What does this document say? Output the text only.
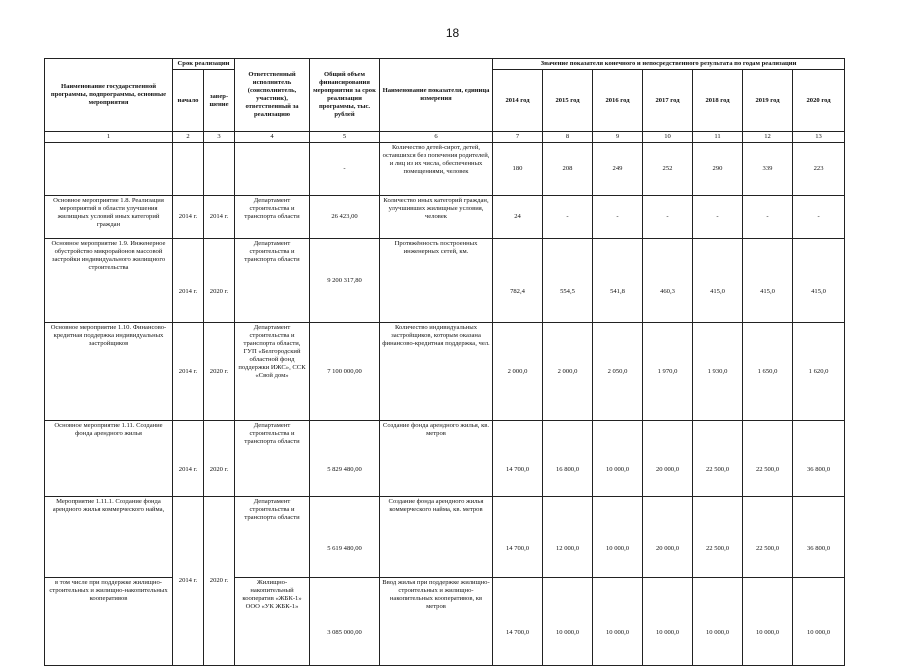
18
Наименование государственной программы, подпрограммы, основные мероприятия	Срок реализации		Ответственный исполнитель (соисполнитель, участник), ответственный за реализацию	Общий объем финансирования мероприятия за срок реализации программы, тыс. рублей	Наименование показателя, единица измерения	Значение показателя конечного и непосредственного результата по годам реализации						
	начало	завер-шение				2014 год	2015 год	2016 год	2017 год	2018 год	2019 год	2020 год
1	2	3	4	5	6	7	8	9	10	11	12	13
				-	Количество детей-сирот, детей, оставшихся без попечения родителей, и лиц из их числа, обеспеченных помещениями, человек	180	208	249	252	290	339	223
Основное мероприятие 1.8. Реализация мероприятий в области улучшения жилищных условий иных категорий граждан	2014 г.	2014 г.	Департамент строительства и транспорта области	26 423,00	Количество иных категорий граждан, улучшивших жилищные условия, человек	24	-	-	-	-	-	-
Основное мероприятие 1.9. Инженерное обустройство микрорайонов массовой застройки индивидуального жилищного строительства	2014 г.	2020 г.	Департамент строительства и транспорта области	9 200 317,80	Протяжённость построенных инженерных сетей, км.	782,4	554,5	541,8	460,3	415,0	415,0	415,0
Основное мероприятие 1.10. Финансово-кредитная поддержка индивидуальных застройщиков	2014 г.	2020 г.	Департамент строительства и транспорта области, ГУП «Белгородский областной фонд поддержки ИЖС», ССК «Свой дом»	7 100 000,00	Количество индивидуальных застройщиков, которым оказана финансово-кредитная поддержка, чел.	2 000,0	2 000,0	2 050,0	1 970,0	1 930,0	1 650,0	1 620,0
Основное мероприятие 1.11. Создание фонда арендного жилья	2014 г.	2020 г.	Департамент строительства и транспорта области	5 829 480,00	Создание фонда арендного жилья, кв. метров	14 700,0	16 800,0	10 000,0	20 000,0	22 500,0	22 500,0	36 800,0
Мероприятие 1.11.1. Создание фонда арендного жилья коммерческого найма,	2014 г.	2020 г.	Департамент строительства и транспорта области	5 619 480,00	Создание фонда арендного жилья коммерческого найма, кв. метров	14 700,0	12 000,0	10 000,0	20 000,0	22 500,0	22 500,0	36 800,0
в том числе при поддержке жилищно-строительных и жилищно-накопительных кооперативов			Жилищно-накопительный кооператив «ЖБК-1» ООО «УК ЖБК-1»	3 085 000,00	Ввод жилья при поддержке жилищно-строительных и жилищно-накопительных кооперативов, кв метров	14 700,0	10 000,0	10 000,0	10 000,0	10 000,0	10 000,0	10 000,0
